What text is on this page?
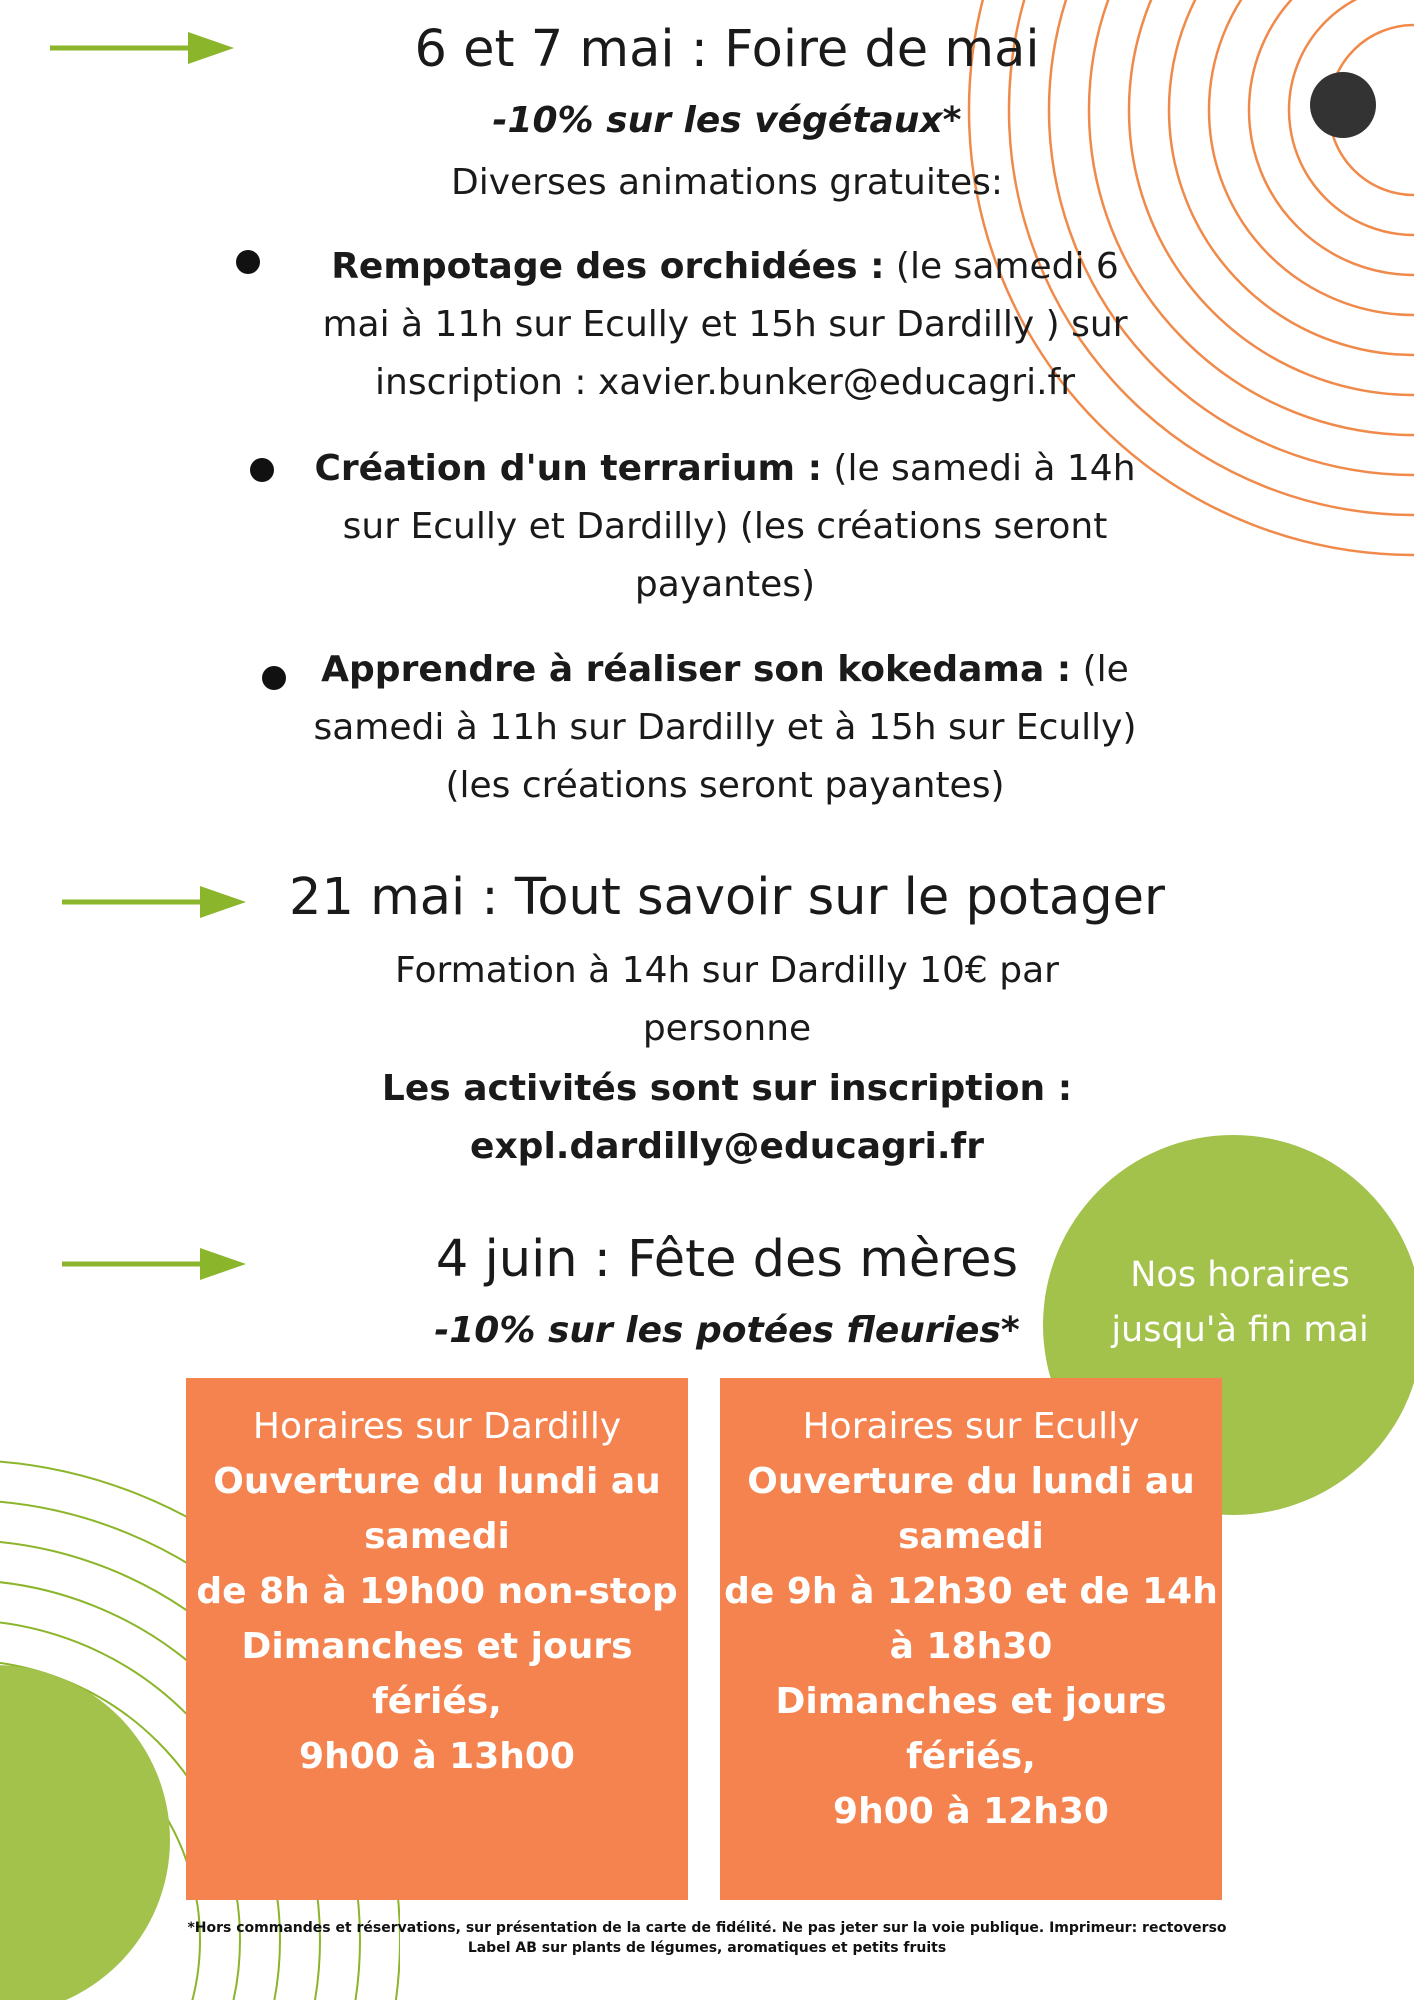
6 et 7 mai : Foire de mai
-10% sur les végétaux*
Diverses animations gratuites:
Rempotage des orchidées : (le samedi 6
mai à 11h sur Ecully et 15h sur Dardilly ) sur
inscription : xavier.bunker@educagri.fr
Création d'un terrarium : (le samedi à 14h
sur Ecully et Dardilly) (les créations seront
payantes)
Apprendre à réaliser son kokedama : (le
samedi à 11h sur Dardilly et à 15h sur Ecully)
(les créations seront payantes)
21 mai : Tout savoir sur le potager
Formation à 14h sur Dardilly 10€ par
personne
Les activités sont sur inscription :
expl.dardilly@educagri.fr
4 juin : Fête des mères
-10% sur les potées fleuries*
Nos horaires
jusqu'à fin mai
Horaires sur Dardilly
Ouverture du lundi au
samedi
de 8h à 19h00 non-stop
Dimanches et jours
fériés,
9h00 à 13h00
Horaires sur Ecully
Ouverture du lundi au
samedi
de 9h à 12h30 et de 14h
à 18h30
Dimanches et jours
fériés,
9h00 à 12h30
*Hors commandes et réservations, sur présentation de la carte de fidélité. Ne pas jeter sur la voie publique. Imprimeur: rectoverso
Label AB sur plants de légumes, aromatiques et petits fruits
